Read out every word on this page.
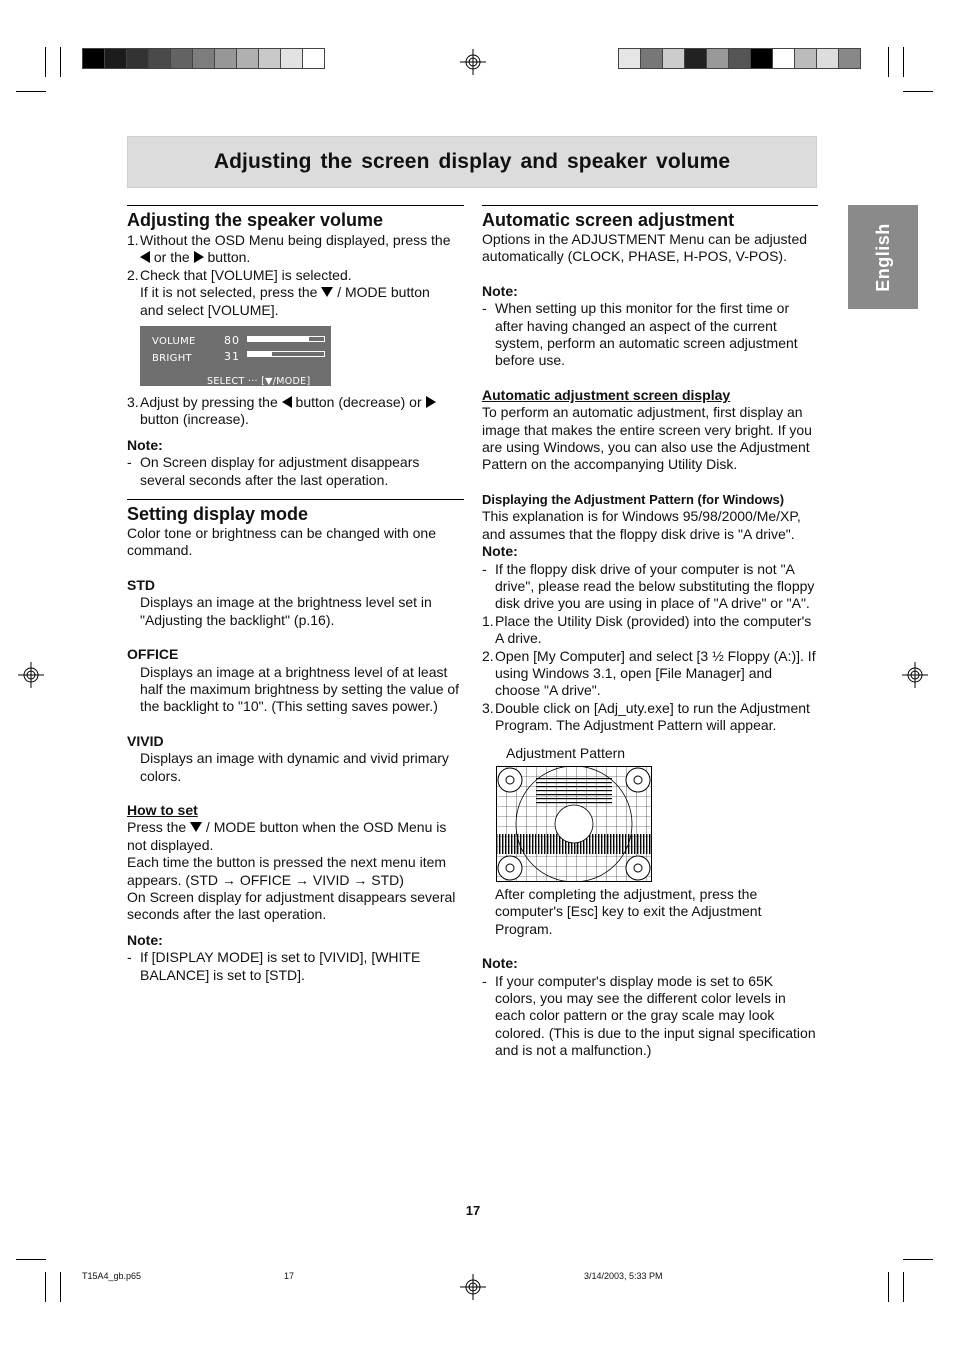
Adjusting the screen display and speaker volume
English
Adjusting the speaker volume
1. Without the OSD Menu being displayed, press the
or the button.
2. Check that [VOLUME] is selected.
If it is not selected, press the / MODE button
and select [VOLUME].
VOLUME	80
BRIGHT	31
SELECT ··· [▼/MODE]
3. Adjust by pressing the button (decrease) or
button (increase).

Note:

- On Screen display for adjustment disappears several seconds after the last operation.
Setting display mode

Color tone or brightness can be changed with one command.

STD

Displays an image at the brightness level set in "Adjusting the backlight" (p.16).

OFFICE

Displays an image at a brightness level of at least half the maximum brightness by setting the value of the backlight to "10". (This setting saves power.)

VIVID

Displays an image with dynamic and vivid primary colors.

How to set

Press the / MODE button when the OSD Menu is not displayed.

Each time the button is pressed the next menu item appears. (STD → OFFICE → VIVID → STD)

On Screen display for adjustment disappears several seconds after the last operation.

Note:

- If [DISPLAY MODE] is set to [VIVID], [WHITE BALANCE] is set to [STD].
Automatic screen adjustment

Options in the ADJUSTMENT Menu can be adjusted automatically (CLOCK, PHASE, H-POS, V-POS).

Note:

- When setting up this monitor for the first time or after having changed an aspect of the current system, perform an automatic screen adjustment before use.

Automatic adjustment screen display

To perform an automatic adjustment, first display an image that makes the entire screen very bright. If you are using Windows, you can also use the Adjustment Pattern on the accompanying Utility Disk.

Displaying the Adjustment Pattern (for Windows)

This explanation is for Windows 95/98/2000/Me/XP, and assumes that the floppy disk drive is "A drive".

Note:

- If the floppy disk drive of your computer is not "A drive", please read the below substituting the floppy disk drive you are using in place of "A drive" or "A".
1. Place the Utility Disk (provided) into the computer's A drive.
2. Open [My Computer] and select [3 ½ Floppy (A:)]. If using Windows 3.1, open [File Manager] and choose "A drive".
3. Double click on [Adj_uty.exe] to run the Adjustment Program. The Adjustment Pattern will appear.

Adjustment Pattern

After completing the adjustment, press the computer's [Esc] key to exit the Adjustment Program.

Note:

- If your computer's display mode is set to 65K colors, you may see the different color levels in each color pattern or the gray scale may look colored. (This is due to the input signal specification and is not a malfunction.)
17
T15A4_gb.p65	17	3/14/2003, 5:33 PM
